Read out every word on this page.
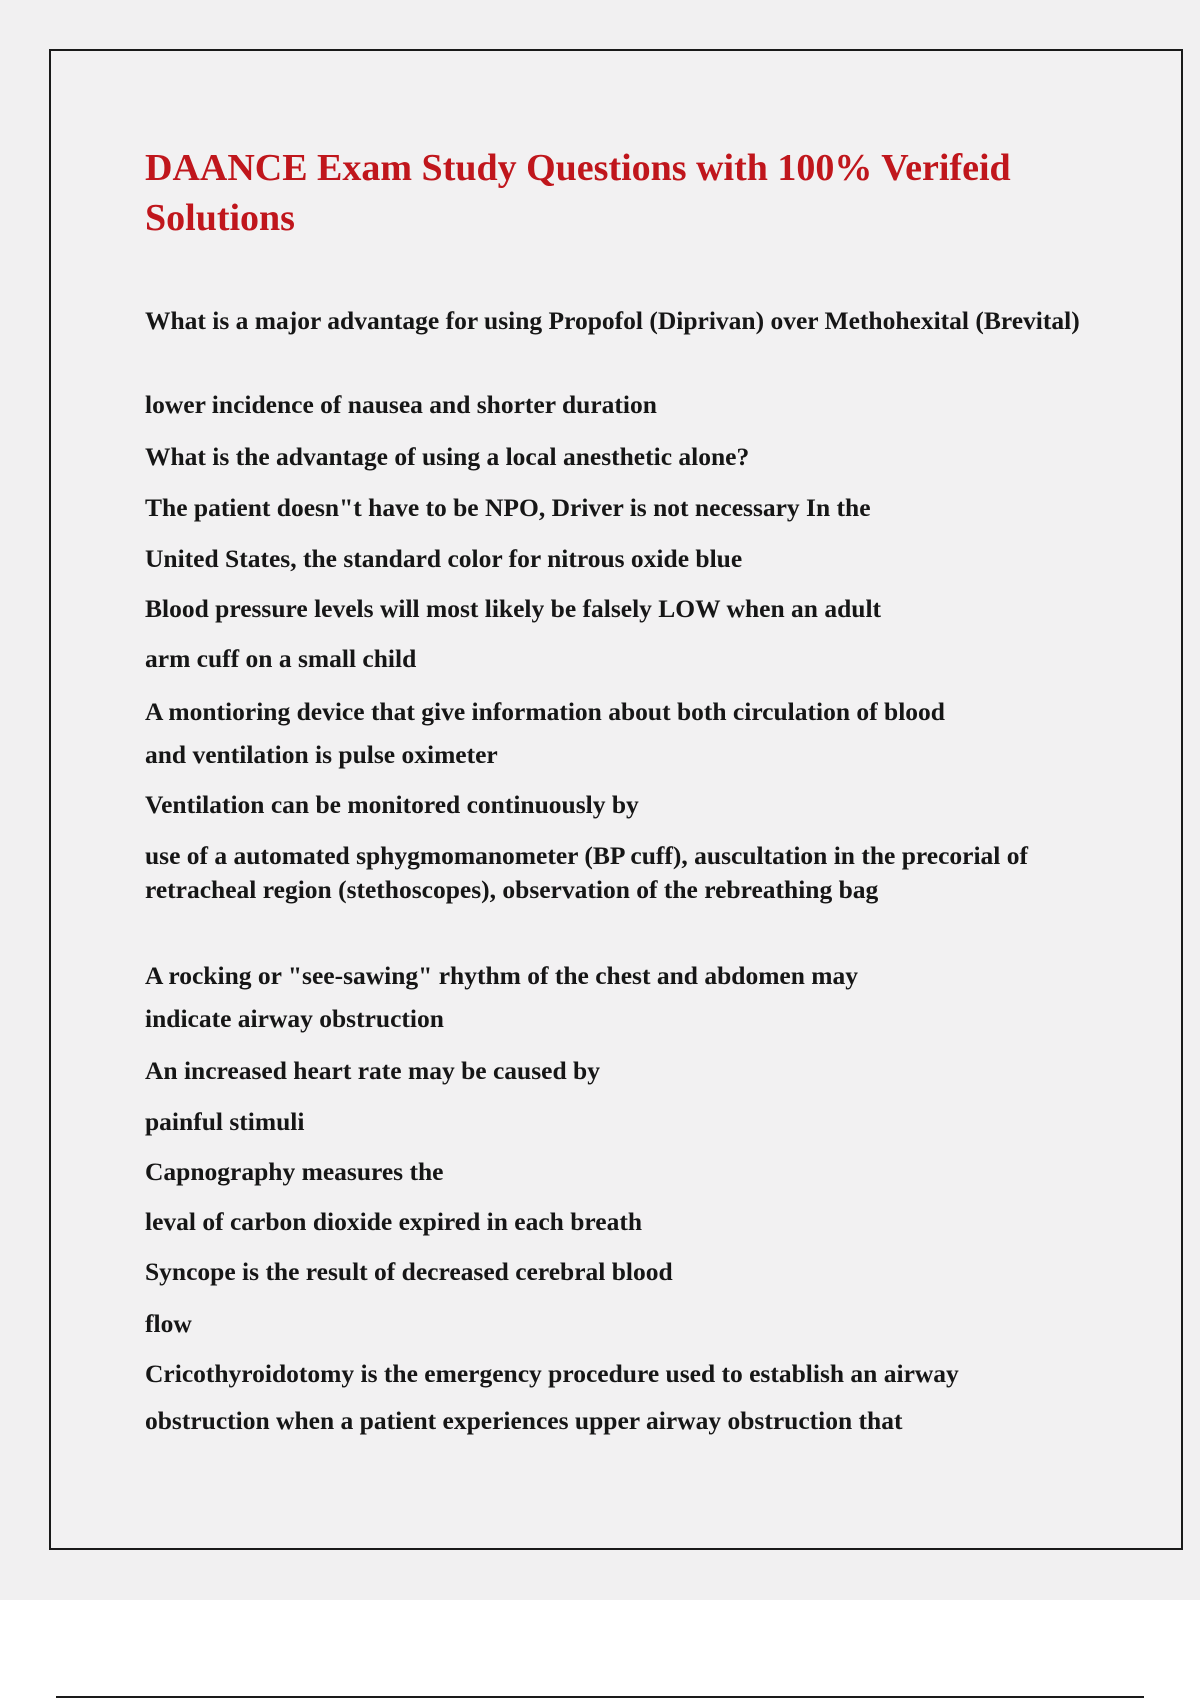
DAANCE Exam Study Questions with 100% Verifeid Solutions

What is a major advantage for using Propofol (Diprivan) over Methohexital (Brevital)

lower incidence of nausea and shorter duration

What is the advantage of using a local anesthetic alone?

The patient doesn"t have to be NPO, Driver is not necessary In the

United States, the standard color for nitrous oxide blue

Blood pressure levels will most likely be falsely LOW when an adult

arm cuff on a small child

A montioring device that give information about both circulation of blood

and ventilation is pulse oximeter

Ventilation can be monitored continuously by

use of a automated sphygmomanometer (BP cuff), auscultation in the precorial of retracheal region (stethoscopes), observation of the rebreathing bag

A rocking or "see-sawing" rhythm of the chest and abdomen may

indicate airway obstruction

An increased heart rate may be caused by

painful stimuli

Capnography measures the

leval of carbon dioxide expired in each breath

Syncope is the result of decreased cerebral blood

flow

Cricothyroidotomy is the emergency procedure used to establish an airway

obstruction when a patient experiences upper airway obstruction that
